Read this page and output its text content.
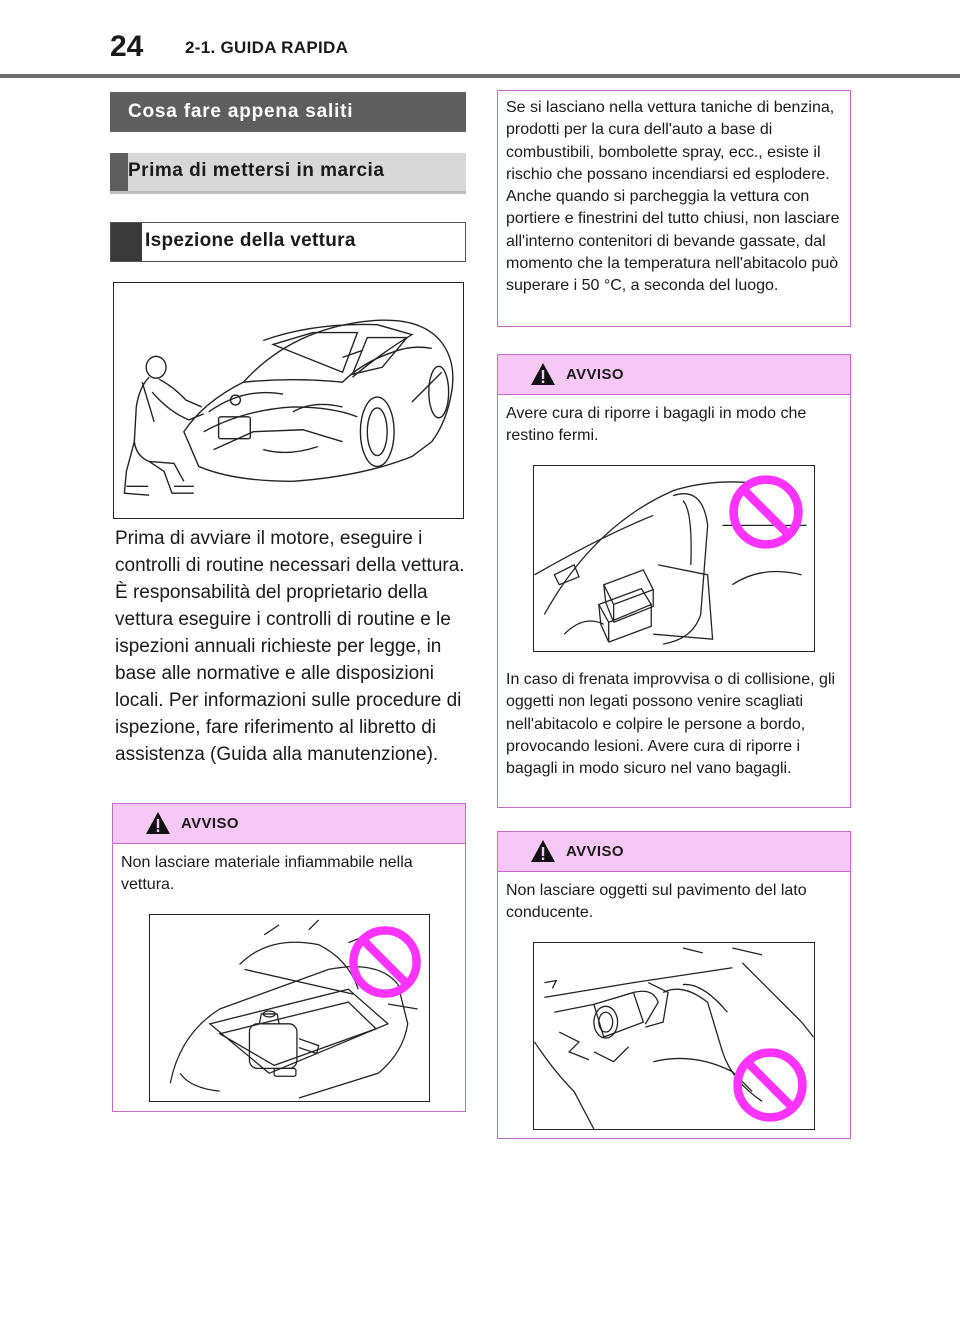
24 2-1. GUIDA RAPIDA
Cosa fare appena saliti
Prima di mettersi in marcia
Ispezione della vettura
Prima di avviare il motore, eseguire i controlli di routine necessari della vettura. È responsabilità del proprietario della vettura eseguire i controlli di routine e le ispezioni annuali richieste per legge, in base alle normative e alle disposizioni locali. Per informazioni sulle procedure di ispezione, fare riferimento al libretto di assistenza (Guida alla manutenzione).
AVVISO
Non lasciare materiale infiammabile nella vettura.
Se si lasciano nella vettura taniche di benzina, prodotti per la cura dell'auto a base di combustibili, bombolette spray, ecc., esiste il rischio che possano incendiarsi ed esplodere. Anche quando si parcheggia la vettura con portiere e finestrini del tutto chiusi, non lasciare all'interno contenitori di bevande gassate, dal momento che la temperatura nell'abitacolo può superare i 50 °C, a seconda del luogo.
AVVISO
Avere cura di riporre i bagagli in modo che restino fermi.
In caso di frenata improvvisa o di collisione, gli oggetti non legati possono venire scagliati nell'abitacolo e colpire le persone a bordo, provocando lesioni. Avere cura di riporre i bagagli in modo sicuro nel vano bagagli.
AVVISO
Non lasciare oggetti sul pavimento del lato conducente.
